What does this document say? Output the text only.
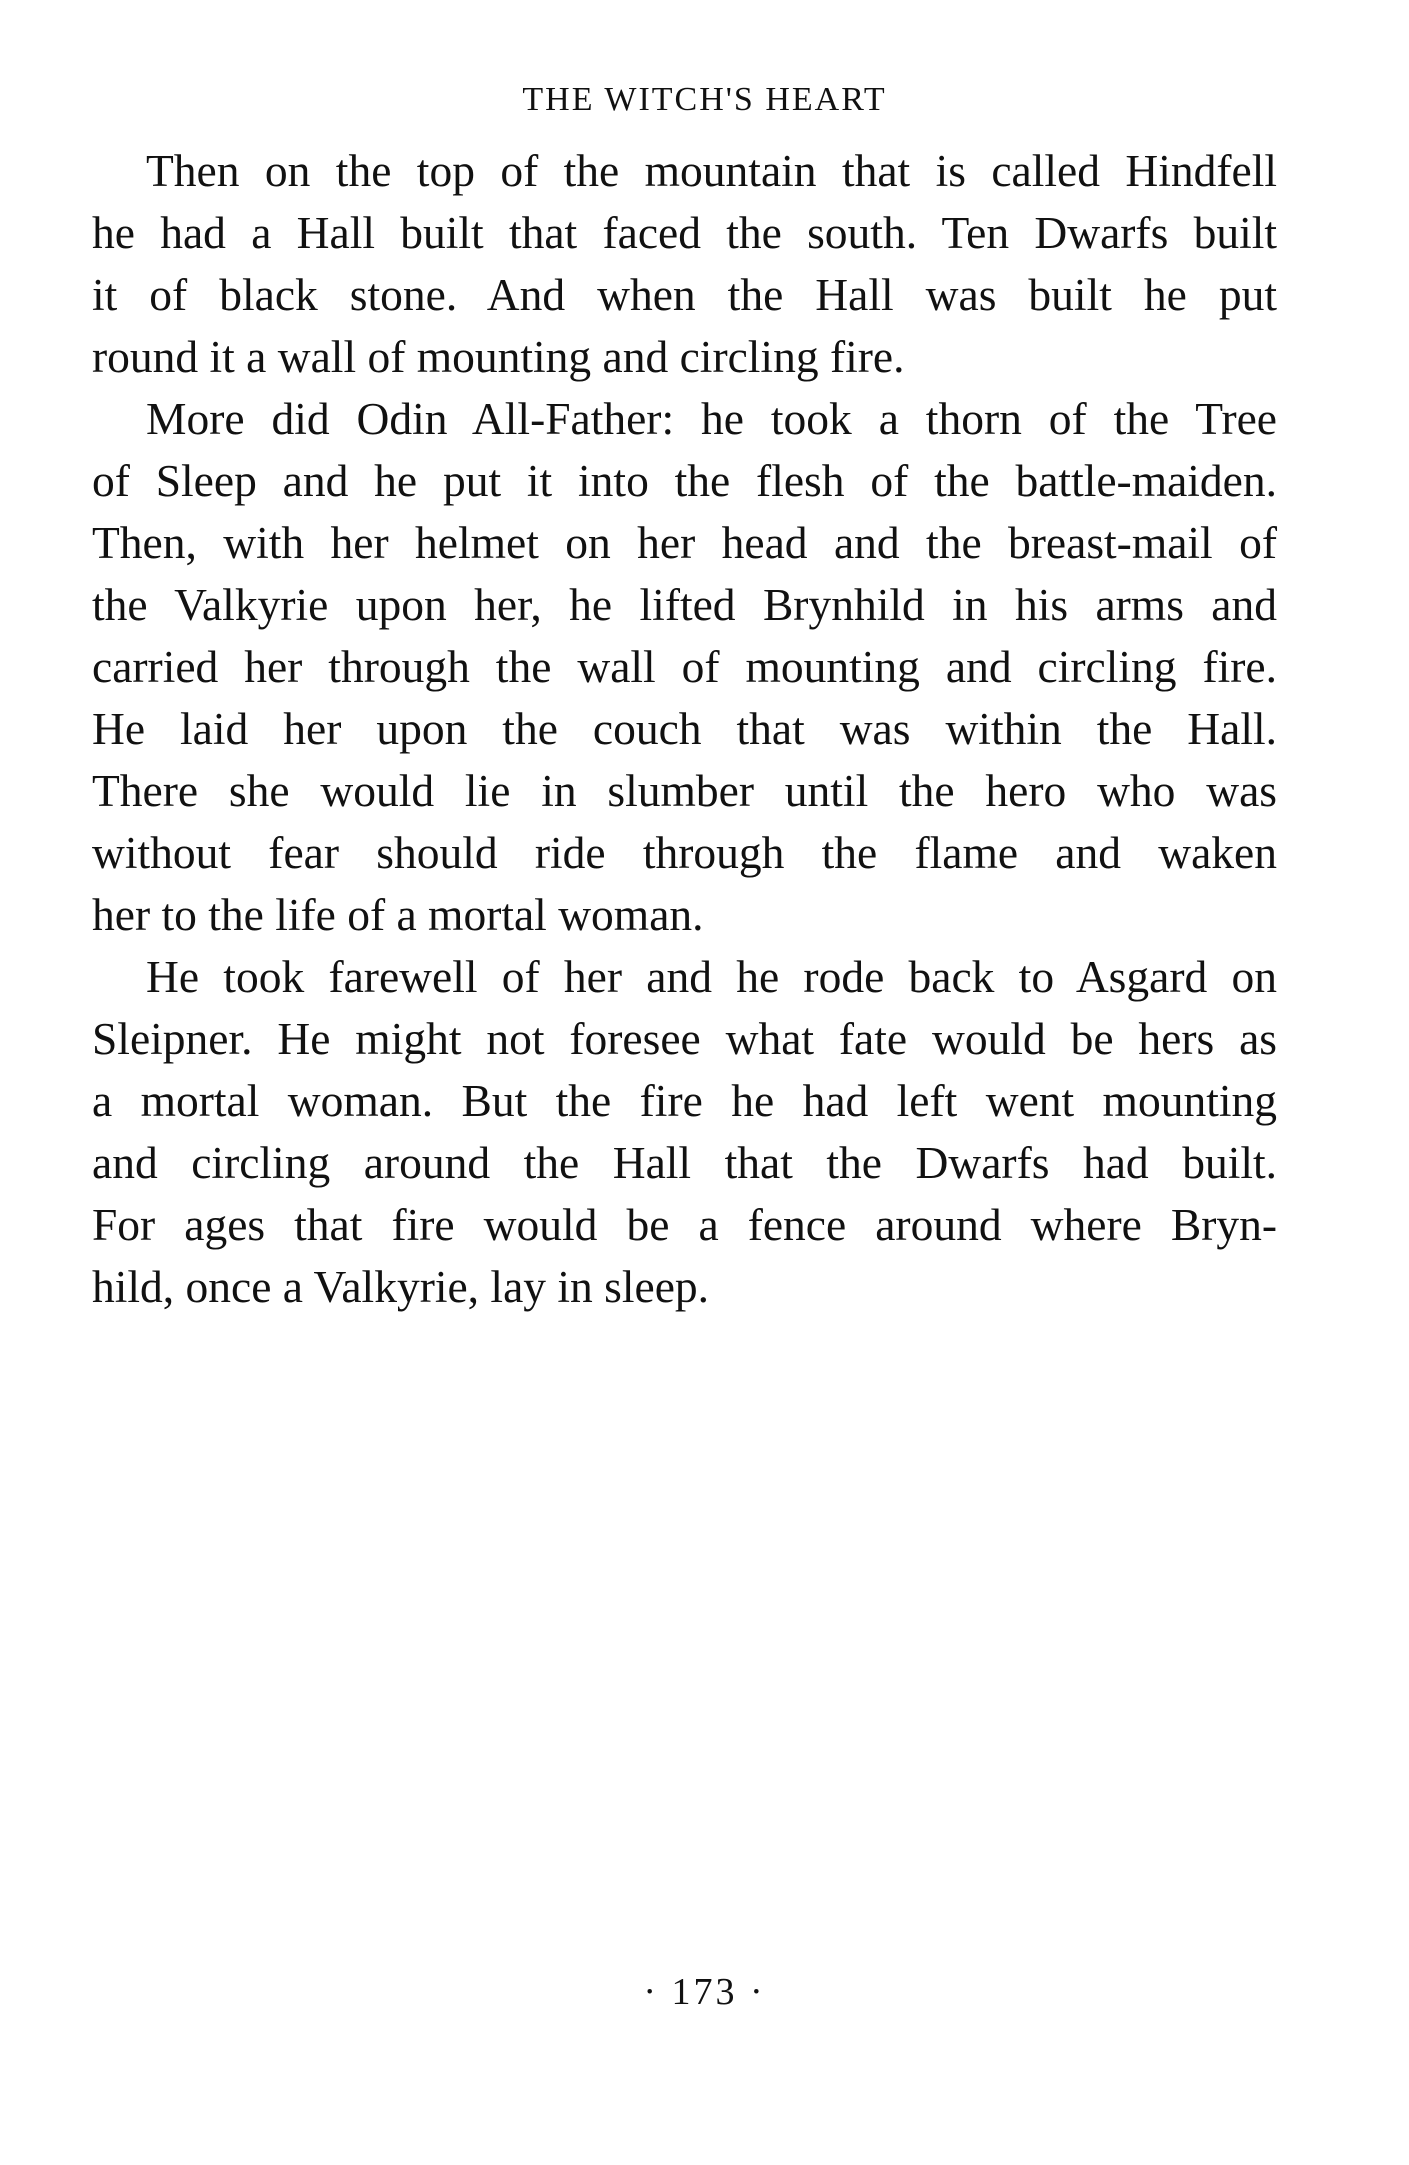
THE WITCH'S HEART
Then on the top of the mountain that is called Hindfell
he had a Hall built that faced the south. Ten Dwarfs built
it of black stone. And when the Hall was built he put
round it a wall of mounting and circling fire.
More did Odin All-Father: he took a thorn of the Tree
of Sleep and he put it into the flesh of the battle-maiden.
Then, with her helmet on her head and the breast-mail of
the Valkyrie upon her, he lifted Brynhild in his arms and
carried her through the wall of mounting and circling fire.
He laid her upon the couch that was within the Hall.
There she would lie in slumber until the hero who was
without fear should ride through the flame and waken
her to the life of a mortal woman.
He took farewell of her and he rode back to Asgard on
Sleipner. He might not foresee what fate would be hers as
a mortal woman. But the fire he had left went mounting
and circling around the Hall that the Dwarfs had built.
For ages that fire would be a fence around where Bryn-
hild, once a Valkyrie, lay in sleep.
· 173 ·
